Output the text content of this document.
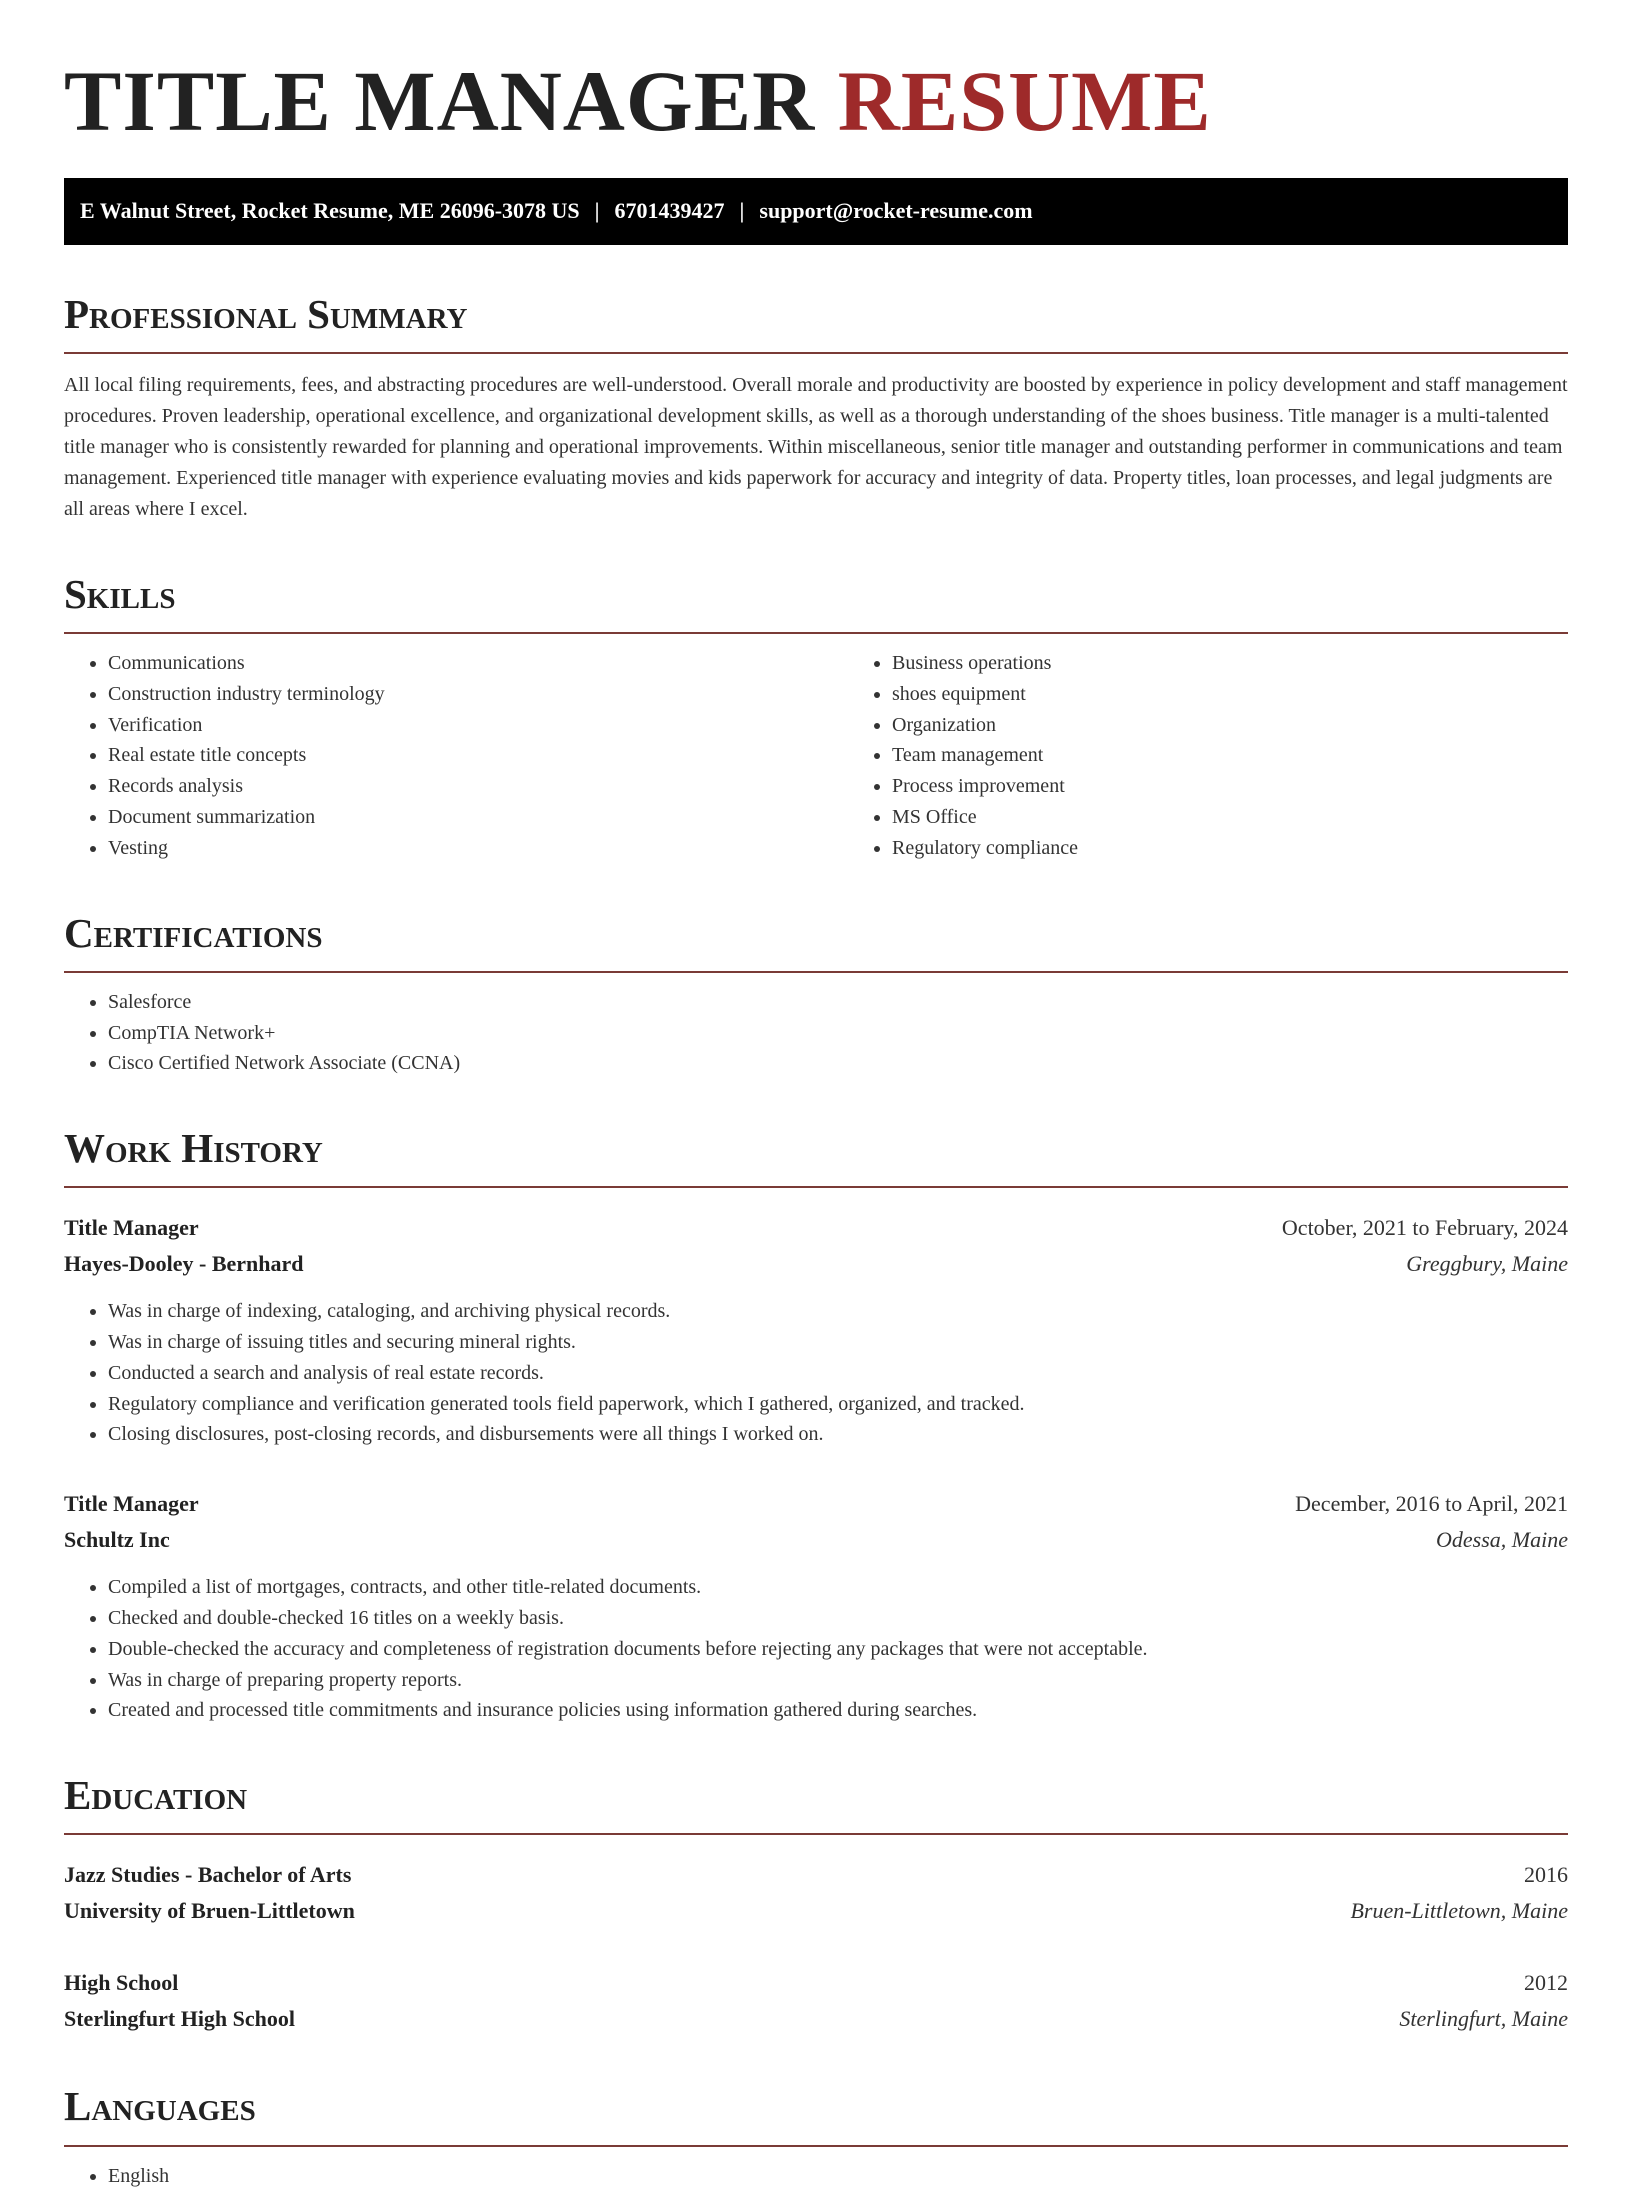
TITLE MANAGER RESUME
E Walnut Street, Rocket Resume, ME 26096-3078 US | 6701439427 | support@rocket-resume.com
Professional Summary

All local filing requirements, fees, and abstracting procedures are well-understood. Overall morale and productivity are boosted by experience in policy development and staff management procedures. Proven leadership, operational excellence, and organizational development skills, as well as a thorough understanding of the shoes business. Title manager is a multi-talented title manager who is consistently rewarded for planning and operational improvements. Within miscellaneous, senior title manager and outstanding performer in communications and team management. Experienced title manager with experience evaluating movies and kids paperwork for accuracy and integrity of data. Property titles, loan processes, and legal judgments are all areas where I excel.

Skills
• Communications
• Construction industry terminology
• Verification
• Real estate title concepts
• Records analysis
• Document summarization
• Vesting
• Business operations
• shoes equipment
• Organization
• Team management
• Process improvement
• MS Office
• Regulatory compliance
Certifications
• Salesforce
• CompTIA Network+
• Cisco Certified Network Associate (CCNA)
Work History
Title Manager	October, 2021 to February, 2024
Hayes-Dooley - Bernhard	Greggbury, Maine
• Was in charge of indexing, cataloging, and archiving physical records.
• Was in charge of issuing titles and securing mineral rights.
• Conducted a search and analysis of real estate records.
• Regulatory compliance and verification generated tools field paperwork, which I gathered, organized, and tracked.
• Closing disclosures, post-closing records, and disbursements were all things I worked on.
Title Manager	December, 2016 to April, 2021
Schultz Inc	Odessa, Maine
• Compiled a list of mortgages, contracts, and other title-related documents.
• Checked and double-checked 16 titles on a weekly basis.
• Double-checked the accuracy and completeness of registration documents before rejecting any packages that were not acceptable.
• Was in charge of preparing property reports.
• Created and processed title commitments and insurance policies using information gathered during searches.
Education
Jazz Studies - Bachelor of Arts	2016
University of Bruen-Littletown	Bruen-Littletown, Maine
High School	2012
Sterlingfurt High School	Sterlingfurt, Maine
Languages
• English
